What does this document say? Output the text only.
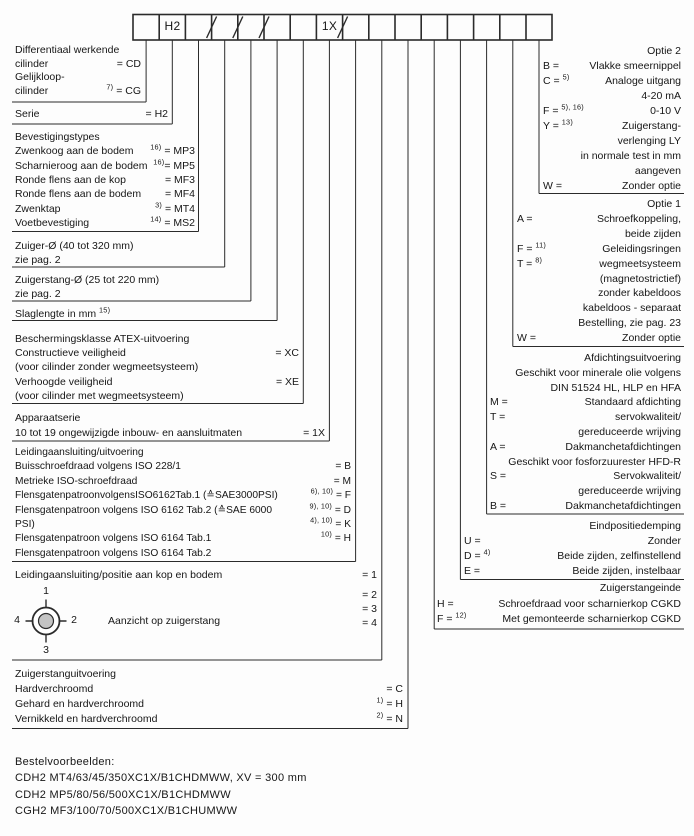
H2	1X
Differentiaal werkende
cilinder	= CD
Gelijkloop-
cilinder	$^{7)}$ = CG
Serie	= H2
Bevestigingstypes
Zwenkoog aan de bodem $^{16)}$ = MP3
Scharnieroog aan de bodem $^{16)}$= MP5
Ronde flens aan de kop	= MF3
Ronde flens aan de bodem = MF4
Zwenktap	$^{3)}$ = MT4
Voetbevestiging	$^{14)}$ = MS2
Zuiger-Ø (40 tot 320 mm)
zie pag. 2
Zuigerstang-Ø (25 tot 220 mm)
zie pag. 2
Slaglengte in mm $^{15)}$
Beschermingsklasse ATEX-uitvoering
Constructieve veiligheid	= XC
(voor cilinder zonder wegmeetsysteem)
Verhoogde veiligheid	= XE
(voor cilinder met wegmeetsysteem)
Apparaatserie
10 tot 19 ongewijzigde inbouw- en aansluitmaten	= 1X
Leidingaansluiting/uitvoering
Buisschroefdraad volgens ISO 228/1	= B
Metrieke ISO-schroefdraad	= M
FlensgatenpatroonvolgensISO6162Tab.1 (≙SAE3000PSI)	$^{6), 10)}$ = F
Flensgatenpatroon volgens ISO 6162 Tab.2 (≙SAE 6000	$^{9), 10)}$ = D
PSI)	$^{4), 10)}$ = K
Flensgatenpatroon volgens ISO 6164 Tab.1	$^{10)}$ = H
Flensgatenpatroon volgens ISO 6164 Tab.2
Leidingaansluiting/positie aan kop en bodem	= 1
= 2
= 3
= 4
Aanzicht op zuigerstang
1
2
3
4
Zuigerstanguitvoering
Hardverchroomd	= C
Gehard en hardverchroomd	$^{1)}$ = H
Vernikkeld en hardverchroomd	$^{2)}$ = N
Optie 2
B =	Vlakke smeernippel
C = $^{5)}$	Analoge uitgang
4-20 mA
F = $^{5), 16)}$	0-10 V
Y = $^{13)}$	Zuigerstang-
verlenging LY
in normale test in mm
aangeven
W =	Zonder optie
Optie 1
A =	Schroefkoppeling,
beide zijden
F = $^{11)}$	Geleidingsringen
T = $^{8)}$	wegmeetsysteem
(magnetostrictief)
zonder kabeldoos
kabeldoos - separaat
Bestelling, zie pag. 23
W =	Zonder optie
Afdichtingsuitvoering
Geschikt voor minerale olie volgens
DIN 51524 HL, HLP en HFA
M =	Standaard afdichting
T =	servokwaliteit/
gereduceerde wrijving
A =	Dakmanchetafdichtingen
Geschikt voor fosforzuurester HFD-R
S =	Servokwaliteit/
gereduceerde wrijving
B =	Dakmanchetafdichtingen
Eindpositiedemping
U =	Zonder
D = $^{4)}$	Beide zijden, zelfinstellend
E =	Beide zijden, instelbaar
Zuigerstangeinde
H =	Schroefdraad voor scharnierkop CGKD
F = $^{12)}$	Met gemonteerde scharnierkop CGKD
Bestelvoorbeelden:
CDH2 MT4/63/45/350XC1X/B1CHDMWW, XV = 300 mm
CDH2 MP5/80/56/500XC1X/B1CHDMWW
CGH2 MF3/100/70/500XC1X/B1CHUMWW
